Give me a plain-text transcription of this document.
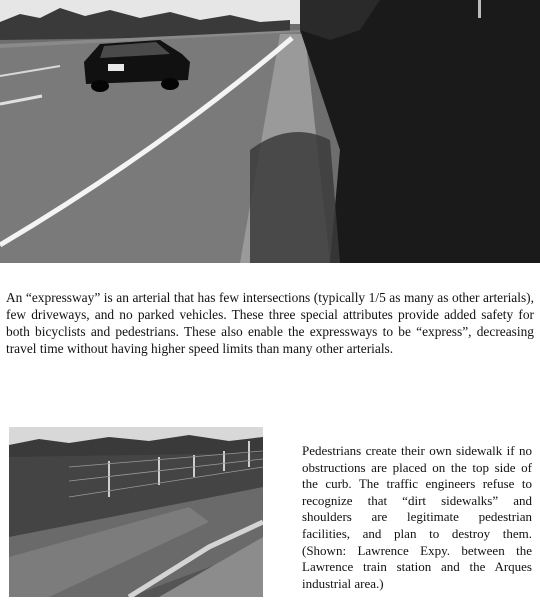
An “expressway” is an arterial that has few intersections (typically 1/5 as many as other arterials), few driveways, and no parked vehicles. These three special attributes provide added safety for both bicyclists and pedestrians. These also enable the expressways to be “express”, decreasing travel time without having higher speed limits than many other arterials.

Pedestrians create their own sidewalk if no obstructions are placed on the top side of the curb. The traffic engineers refuse to recognize that “dirt sidewalks” and shoulders are legitimate pedestrian facilities, and plan to destroy them. (Shown: Lawrence Expy. between the Lawrence train station and the Arques industrial area.)
